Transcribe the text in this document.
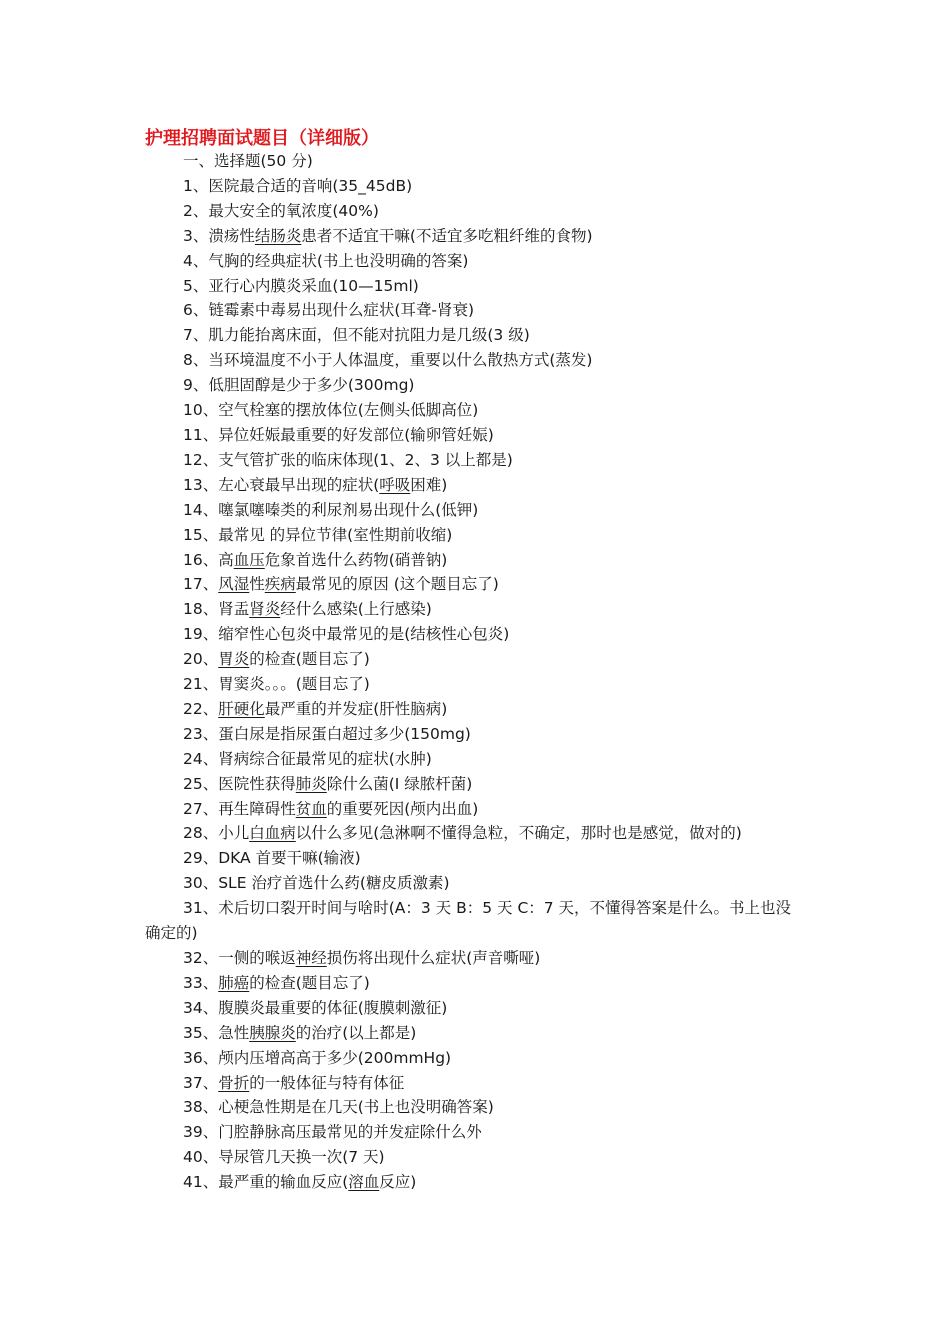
护理招聘面试题目（详细版）

一、选择题(50 分)

1、医院最合适的音响(35_45dB)

2、最大安全的氧浓度(40%)

3、溃疡性结肠炎患者不适宜干嘛(不适宜多吃粗纤维的食物)

4、气胸的经典症状(书上也没明确的答案)

5、亚行心内膜炎采血(10—15ml)

6、链霉素中毒易出现什么症状(耳聋-肾衰)

7、肌力能抬离床面，但不能对抗阻力是几级(3 级)

8、当环境温度不小于人体温度，重要以什么散热方式(蒸发)

9、低胆固醇是少于多少(300mg)

10、空气栓塞的摆放体位(左侧头低脚高位)

11、异位妊娠最重要的好发部位(输卵管妊娠)

12、支气管扩张的临床体现(1、2、3 以上都是)

13、左心衰最早出现的症状(呼吸困难)

14、噻氯噻嗪类的利尿剂易出现什么(低钾)

15、最常见 的异位节律(室性期前收缩)

16、高血压危象首选什么药物(硝普钠)

17、风湿性疾病最常见的原因 (这个题目忘了)

18、肾盂肾炎经什么感染(上行感染)

19、缩窄性心包炎中最常见的是(结核性心包炎)

20、胃炎的检查(题目忘了)

21、胃窦炎。。。(题目忘了)

22、肝硬化最严重的并发症(肝性脑病)

23、蛋白尿是指尿蛋白超过多少(150mg)

24、肾病综合征最常见的症状(水肿)

25、医院性获得肺炎除什么菌(I 绿脓杆菌)

27、再生障碍性贫血的重要死因(颅内出血)

28、小儿白血病以什么多见(急淋啊不懂得急粒，不确定，那时也是感觉，做对的)

29、DKA 首要干嘛(输液)

30、SLE 治疗首选什么药(糖皮质激素)

31、术后切口裂开时间与啥时(A：3 天 B：5 天 C：7 天，不懂得答案是什么。书上也没确定的)

32、一侧的喉返神经损伤将出现什么症状(声音嘶哑)

33、肺癌的检查(题目忘了)

34、腹膜炎最重要的体征(腹膜刺激征)

35、急性胰腺炎的治疗(以上都是)

36、颅内压增高高于多少(200mmHg)

37、骨折的一般体征与特有体征

38、心梗急性期是在几天(书上也没明确答案)

39、门腔静脉高压最常见的并发症除什么外

40、导尿管几天换一次(7 天)

41、最严重的输血反应(溶血反应)
